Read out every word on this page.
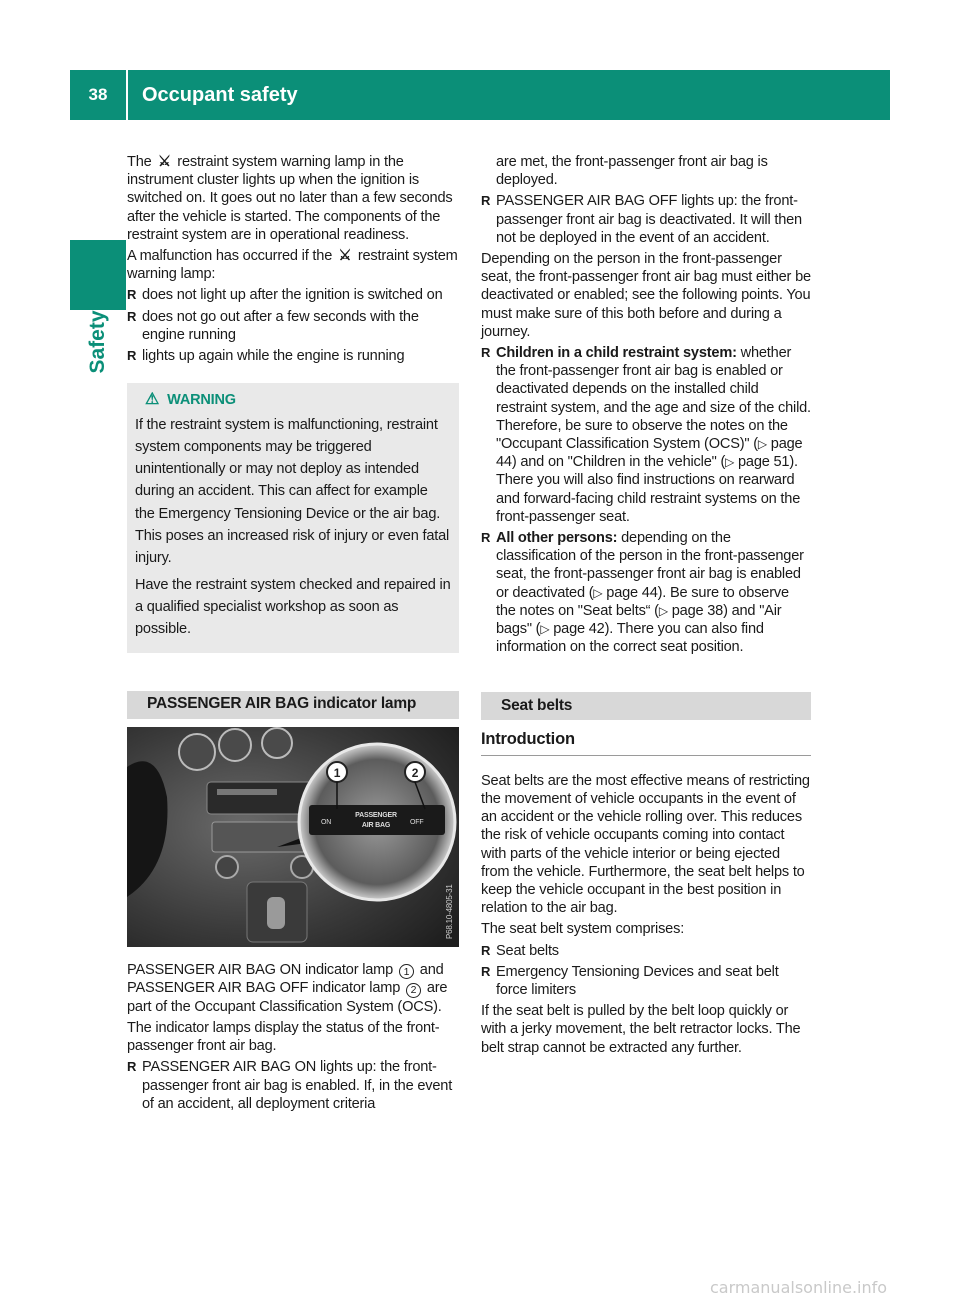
38	Occupant safety
Safety

The ⚔ restraint system warning lamp in the instrument cluster lights up when the ignition is switched on. It goes out no later than a few seconds after the vehicle is started. The components of the restraint system are in operational readiness.

A malfunction has occurred if the ⚔ restraint system warning lamp:

R does not light up after the ignition is switched on
R does not go out after a few seconds with the engine running
R lights up again while the engine is running
⚠ WARNING

If the restraint system is malfunctioning, restraint system components may be triggered unintentionally or may not deploy as intended during an accident. This can affect for example the Emergency Tensioning Device or the air bag. This poses an increased risk of injury or even fatal injury.

Have the restraint system checked and repaired in a qualified specialist workshop as soon as possible.

PASSENGER AIR BAG indicator lamp
1	2
ON
PASSENGER
AIR BAG	OFF
P68.10-4805-31

PASSENGER AIR BAG ON indicator lamp 1 and PASSENGER AIR BAG OFF indicator lamp 2 are part of the Occupant Classification System (OCS).

The indicator lamps display the status of the front-passenger front air bag.

R PASSENGER AIR BAG ON lights up: the front-passenger front air bag is enabled. If, in the event of an accident, all deployment criteria

are met, the front-passenger front air bag is deployed.

R PASSENGER AIR BAG OFF lights up: the front-passenger front air bag is deactivated. It will then not be deployed in the event of an accident.

Depending on the person in the front-passenger seat, the front-passenger front air bag must either be deactivated or enabled; see the following points. You must make sure of this both before and during a journey.

R Children in a child restraint system: whether the front-passenger front air bag is enabled or deactivated depends on the installed child restraint system, and the age and size of the child. Therefore, be sure to observe the notes on the "Occupant Classification System (OCS)" (▷ page 44) and on "Children in the vehicle" (▷ page 51). There you will also find instructions on rearward and forward-facing child restraint systems on the front-passenger seat.
R All other persons: depending on the classification of the person in the front-passenger seat, the front-passenger front air bag is enabled or deactivated (▷ page 44). Be sure to observe the notes on "Seat belts“ (▷ page 38) and "Air bags" (▷ page 42). There you can also find information on the correct seat position.
Seat belts
Introduction

Seat belts are the most effective means of restricting the movement of vehicle occupants in the event of an accident or the vehicle rolling over. This reduces the risk of vehicle occupants coming into contact with parts of the vehicle interior or being ejected from the vehicle. Furthermore, the seat belt helps to keep the vehicle occupant in the best position in relation to the air bag.

The seat belt system comprises:

R Seat belts
R Emergency Tensioning Devices and seat belt force limiters

If the seat belt is pulled by the belt loop quickly or with a jerky movement, the belt retractor locks. The belt strap cannot be extracted any further.

carmanualsonline.info
